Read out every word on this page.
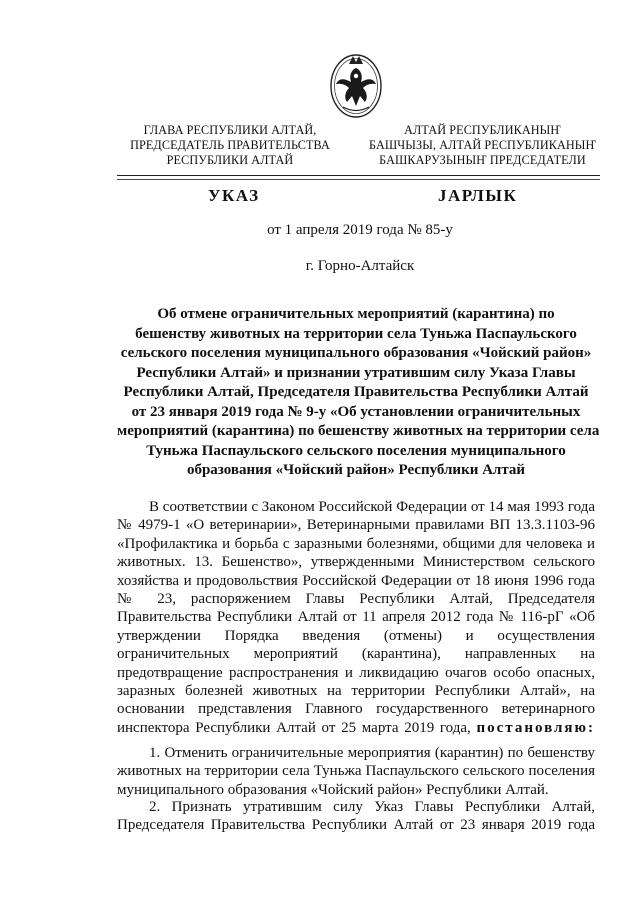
ГЛАВА РЕСПУБЛИКИ АЛТАЙ,
ПРЕДСЕДАТЕЛЬ ПРАВИТЕЛЬСТВА
РЕСПУБЛИКИ АЛТАЙ
АЛТАЙ РЕСПУБЛИКАНЫҤ
БАШЧЫЗЫ, АЛТАЙ РЕСПУБЛИКАНЫҤ
БАШКАРУЗЫНЫҤ ПРЕДСЕДАТЕЛИ
УКАЗ	JАРЛЫК
от 1 апреля 2019 года № 85-у
г. Горно-Алтайск
Об отмене ограничительных мероприятий (карантина) по
бешенству животных на территории села Туньжа Паспаульского
сельского поселения муниципального образования «Чойский район»
Республики Алтай» и признании утратившим силу Указа Главы
Республики Алтай, Председателя Правительства Республики Алтай
от 23 января 2019 года № 9-у «Об установлении ограничительных
мероприятий (карантина) по бешенству животных на территории села
Туньжа Паспаульского сельского поселения муниципального
образования «Чойский район» Республики Алтай
В соответствии с Законом Российской Федерации от 14 мая 1993 года
№ 4979-1 «О ветеринарии», Ветеринарными правилами ВП 13.3.1103-96
«Профилактика и борьба с заразными болезнями, общими для человека и
животных. 13. Бешенство», утвержденными Министерством сельского
хозяйства и продовольствия Российской Федерации от 18 июня 1996 года
№ 23, распоряжением Главы Республики Алтай, Председателя
Правительства Республики Алтай от 11 апреля 2012 года № 116-рГ «Об
утверждении Порядка введения (отмены) и осуществления
ограничительных мероприятий (карантина), направленных на
предотвращение распространения и ликвидацию очагов особо опасных,
заразных болезней животных на территории Республики Алтай», на
основании представления Главного государственного ветеринарного
инспектора Республики Алтай от 25 марта 2019 года, постановляю:
1. Отменить ограничительные мероприятия (карантин) по бешенству
животных на территории села Туньжа Паспаульского сельского поселения
муниципального образования «Чойский район» Республики Алтай.
2. Признать утратившим силу Указ Главы Республики Алтай,
Председателя Правительства Республики Алтай от 23 января 2019 года
